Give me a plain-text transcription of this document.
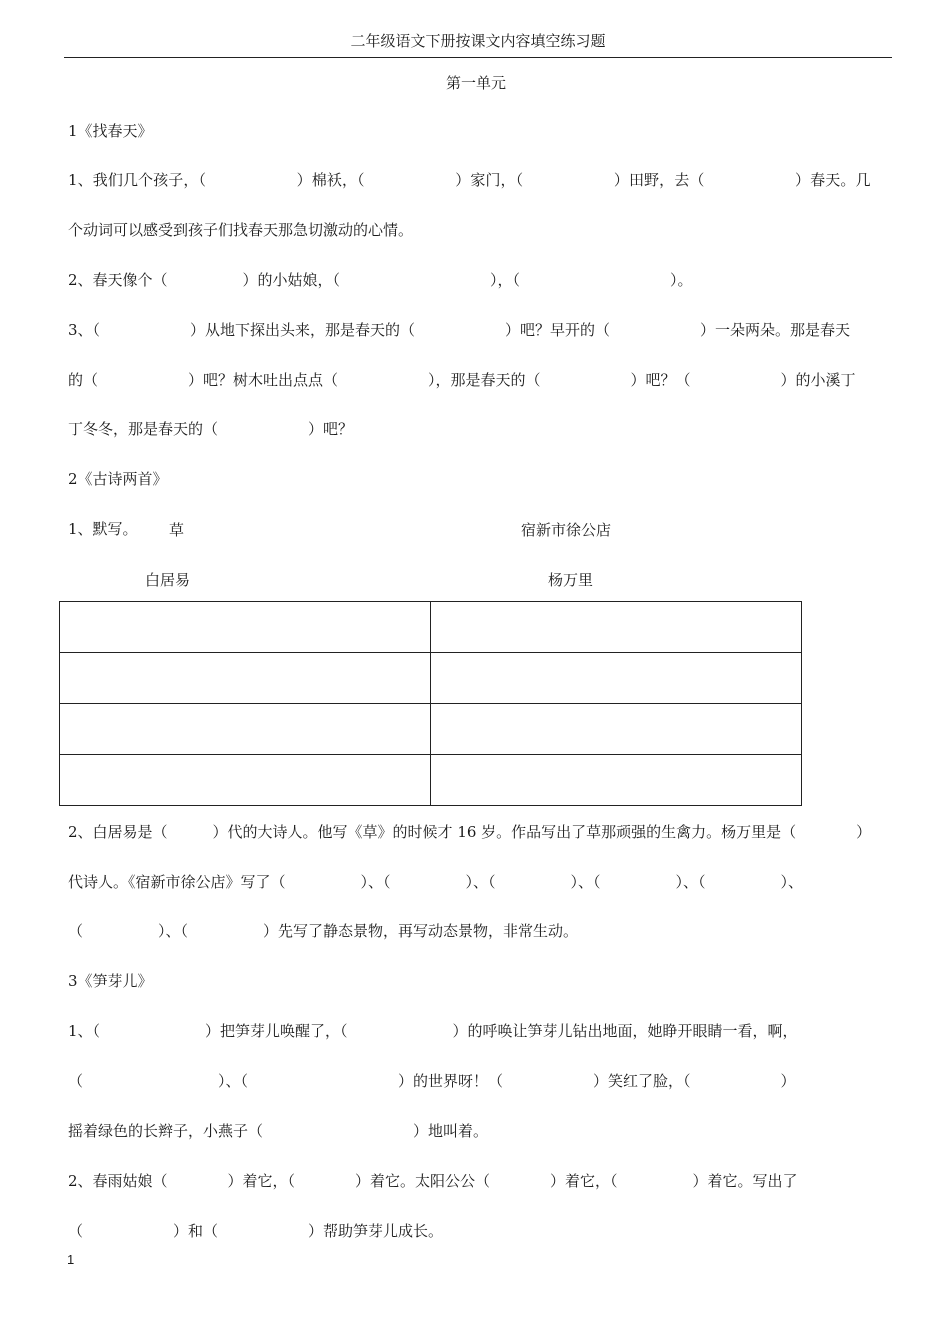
二年级语文下册按课文内容填空练习题
第一单元
1《找春天》
1、我们几个孩子，（　　　　　　）棉袄，（　　　　　　）家门，（　　　　　　）田野，去（　　　　　　）春天。几
个动词可以感受到孩子们找春天那急切激动的心情。
2、春天像个（　　　　　）的小姑娘，（　　　　　　　　　　），（　　　　　　　　　　）。
3、（　　　　　　）从地下探出头来，那是春天的（　　　　　　）吧？早开的（　　　　　　）一朵两朵。那是春天
的（　　　　　　）吧？树木吐出点点（　　　　　　），那是春天的（　　　　　　）吧？（　　　　　　）的小溪丁
丁冬冬，那是春天的（　　　　　　）吧？
2《古诗两首》
1、默写。 草	宿新市徐公店
白居易	杨万里

2、白居易是（　　　）代的大诗人。他写《草》的时候才 16 岁。作品写出了草那顽强的生禽力。杨万里是（　　　　）
代诗人。《宿新市徐公店》写了（　　　　　）、（　　　　　）、（　　　　　）、（　　　　　）、（　　　　　）、
（　　　　　）、（　　　　　）先写了静态景物，再写动态景物，非常生动。
3《笋芽儿》
1、（　　　　　　　）把笋芽儿唤醒了，（　　　　　　　）的呼唤让笋芽儿钻出地面，她睁开眼睛一看，啊，
（　　　　　　　　　）、（　　　　　　　　　　）的世界呀！（　　　　　　）笑红了脸，（　　　　　　）
摇着绿色的长辫子，小燕子（　　　　　　　　　　）地叫着。
2、春雨姑娘（　　　　）着它，（　　　　）着它。太阳公公（　　　　）着它，（　　　　　）着它。写出了
（　　　　　　）和（　　　　　　）帮助笋芽儿成长。
1
